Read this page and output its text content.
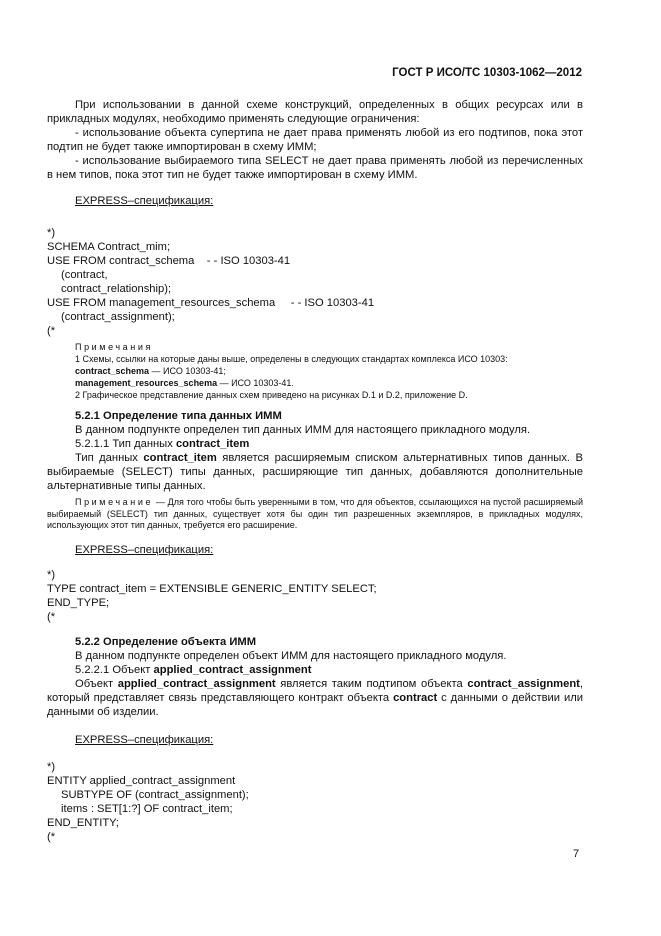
ГОСТ Р ИСО/ТС 10303-1062—2012
При использовании в данной схеме конструкций, определенных в общих ресурсах или в прикладных модулях, необходимо применять следующие ограничения:
- использование объекта супертипа не дает права применять любой из его подтипов, пока этот подтип не будет также импортирован в схему ИММ;
- использование выбираемого типа SELECT не дает права применять любой из перечисленных в нем типов, пока этот тип не будет также импортирован в схему ИММ.
EXPRESS–спецификация:
*)
SCHEMA Contract_mim;
USE FROM contract_schema    - - ISO 10303-41
(contract,
contract_relationship);
USE FROM management_resources_schema     - - ISO 10303-41
(contract_assignment);
(*
Примечания
1 Схемы, ссылки на которые даны выше, определены в следующих стандартах комплекса ИСО 10303:
contract_schema — ИСО 10303-41;
management_resources_schema — ИСО 10303-41.
2 Графическое представление данных схем приведено на рисунках D.1 и D.2, приложение D.
5.2.1 Определение типа данных ИММ
В данном подпункте определен тип данных ИММ для настоящего прикладного модуля.
5.2.1.1 Тип данных contract_item
Тип данных contract_item является расширяемым списком альтернативных типов данных. В выбираемые (SELECT) типы данных, расширяющие тип данных, добавляются дополнительные альтернативные типы данных.
Примечание — Для того чтобы быть уверенными в том, что для объектов, ссылающихся на пустой расширяемый выбираемый (SELECT) тип данных, существует хотя бы один тип разрешенных экземпляров, в прикладных модулях, использующих этот тип данных, требуется его расширение.
EXPRESS–спецификация:
*)
TYPE contract_item = EXTENSIBLE GENERIC_ENTITY SELECT;
END_TYPE;
(*
5.2.2 Определение объекта ИММ
В данном подпункте определен объект ИММ для настоящего прикладного модуля.
5.2.2.1 Объект applied_contract_assignment
Объект applied_contract_assignment является таким подтипом объекта contract_assignment, который представляет связь представляющего контракт объекта contract с данными о действии или данными об изделии.
EXPRESS–спецификация:
*)
ENTITY applied_contract_assignment
SUBTYPE OF (contract_assignment);
items : SET[1:?] OF contract_item;
END_ENTITY;
(*
7
